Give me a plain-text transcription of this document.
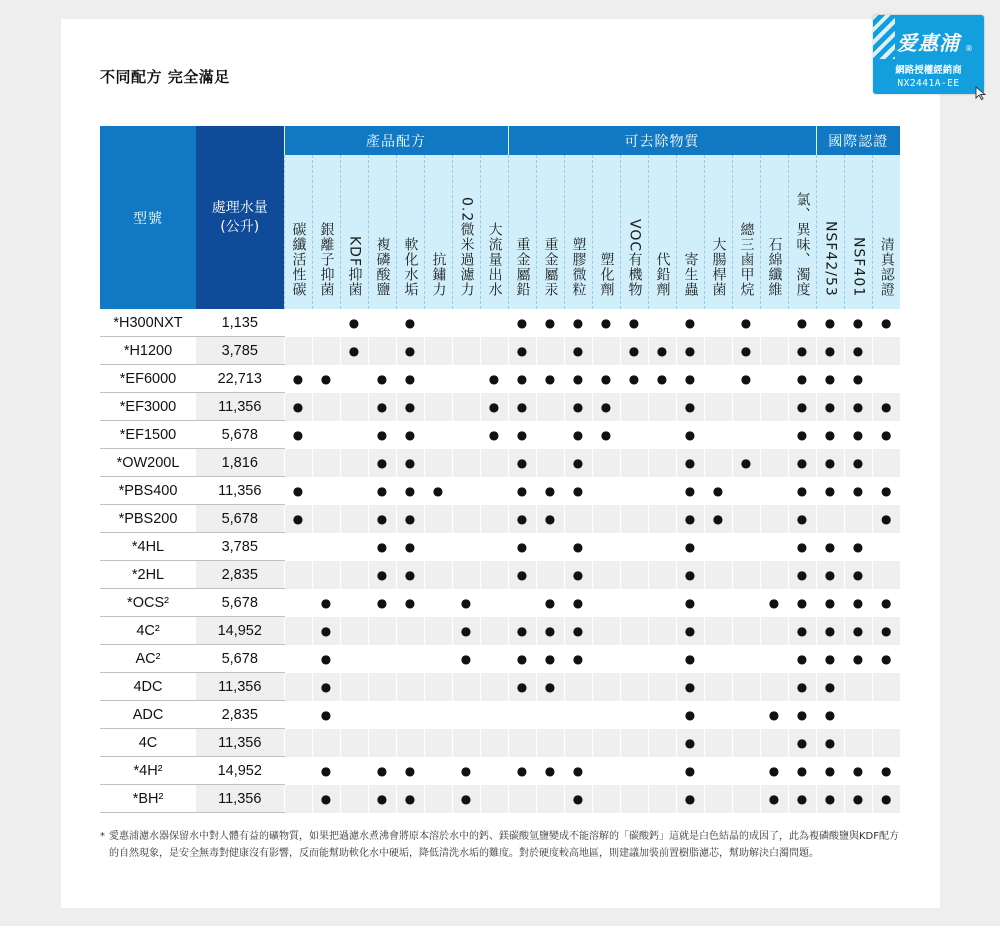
不同配方 完全滿足
型號	處理水量
(公升)	產品配方								可去除物質											國際認證		
		碳纖活性碳	銀離子抑菌	KDF抑菌	複磷酸鹽	軟化水垢	抗鏽力	0.2微米過濾力	大流量出水	重金屬鉛	重金屬汞	塑膠微粒	塑化劑	VOC有機物	代鉛劑	寄生蟲	大腸桿菌	總三鹵甲烷	石綿纖維	氯、異味、濁度	NSF42/53	NSF401	清真認證
*H300NXT	1,135			●		●				●	●	●	●	●		●		●		●	●	●	●
*H1200	3,785			●		●				●		●		●	●	●		●		●	●	●	
*EF6000	22,713	●	●		●	●			●	●	●	●	●	●	●	●		●		●	●	●	
*EF3000	11,356	●			●	●			●	●		●	●			●				●	●	●	●
*EF1500	5,678	●			●	●			●	●		●	●			●				●	●	●	●
*OW200L	1,816				●	●				●		●				●		●		●	●	●	
*PBS400	11,356	●			●	●	●			●	●	●				●	●			●	●	●	●
*PBS200	5,678	●			●	●				●	●					●	●			●			●
*4HL	3,785				●	●				●		●				●				●	●	●	
*2HL	2,835				●	●				●		●				●				●	●	●	
*OCS²	5,678		●		●	●		●			●	●				●			●	●	●	●	●
4C²	14,952		●					●		●	●	●				●				●	●	●	●
AC²	5,678		●					●		●	●	●				●				●	●	●	●
4DC	11,356		●							●	●					●				●	●		
ADC	2,835		●													●			●	●	●		
4C	11,356															●				●	●		
*4H²	14,952		●		●	●		●		●	●	●				●			●	●	●	●	●
*BH²	11,356		●		●	●		●				●				●			●	●	●	●	●

* 愛惠浦濾水器保留水中對人體有益的礦物質，如果把過濾水煮沸會將原本溶於水中的鈣、鎂碳酸氫鹽變成不能溶解的「碳酸鈣」這就是白色結晶的成因了，此為複磷酸鹽與KDF配方的自然現象，是安全無毒對健康沒有影響，反而能幫助軟化水中硬垢，降低清洗水垢的難度。對於硬度較高地區，則建議加裝前置樹脂濾芯，幫助解決白濁問題。

爱惠浦 ®
網路授權經銷商
NX2441A-EE
